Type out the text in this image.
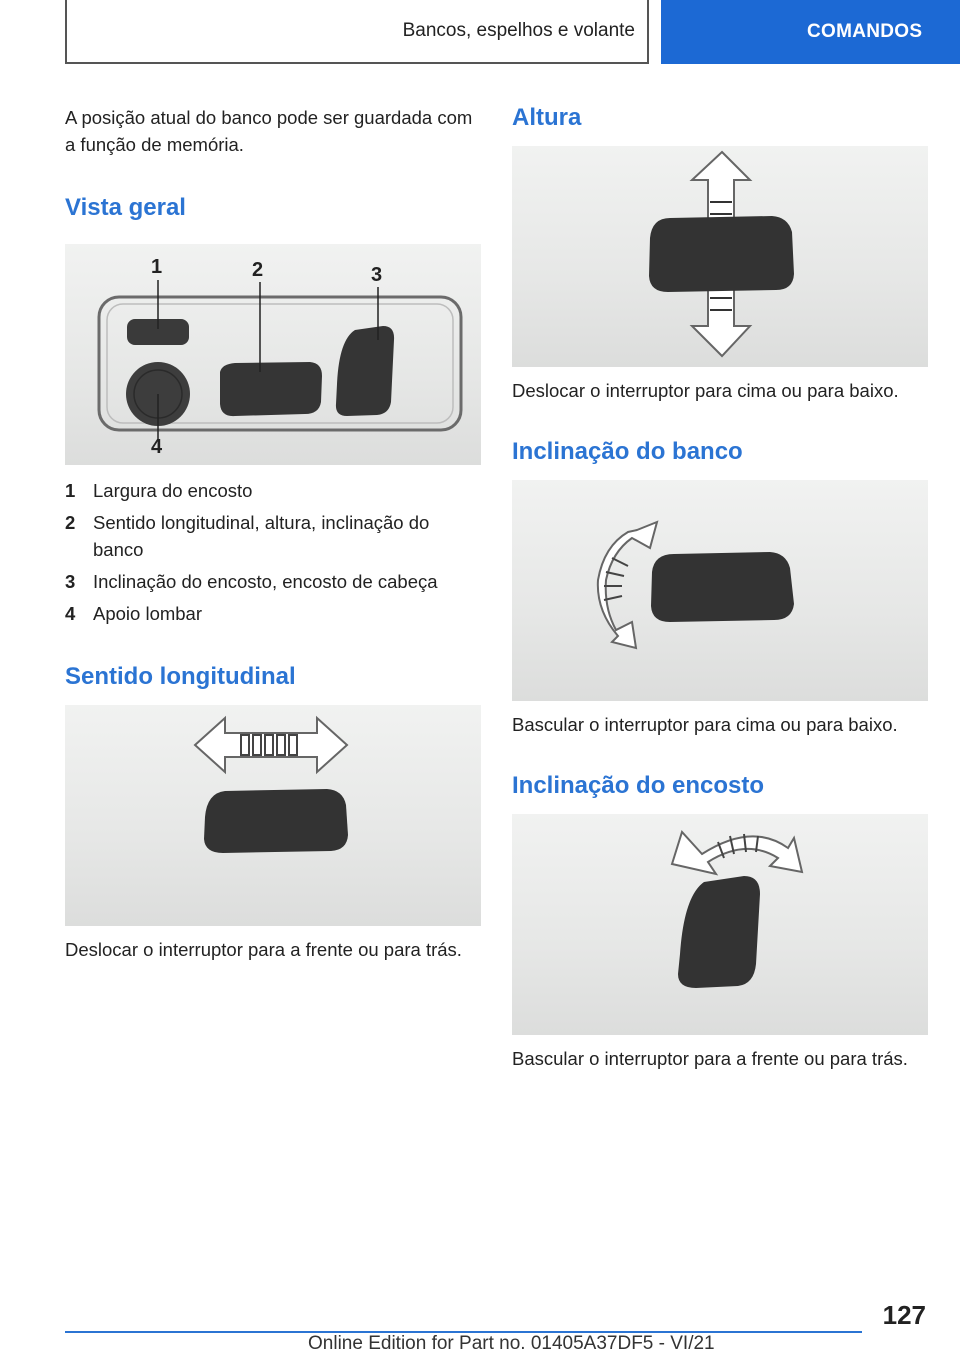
Bancos, espelhos e volante	COMANDOS

A posição atual do banco pode ser guardada com a função de memória.

Vista geral
1	2	3
4
1 Largura do encosto
2 Sentido longitudinal, altura, inclinação do banco
3 Inclinação do encosto, encosto de cabeça
4 Apoio lombar
Sentido longitudinal

Deslocar o interruptor para a frente ou para trás.

Altura

Deslocar o interruptor para cima ou para baixo.

Inclinação do banco

Bascular o interruptor para cima ou para baixo.

Inclinação do encosto

Bascular o interruptor para a frente ou para trás.

127
Online Edition for Part no. 01405A37DF5 - VI/21
